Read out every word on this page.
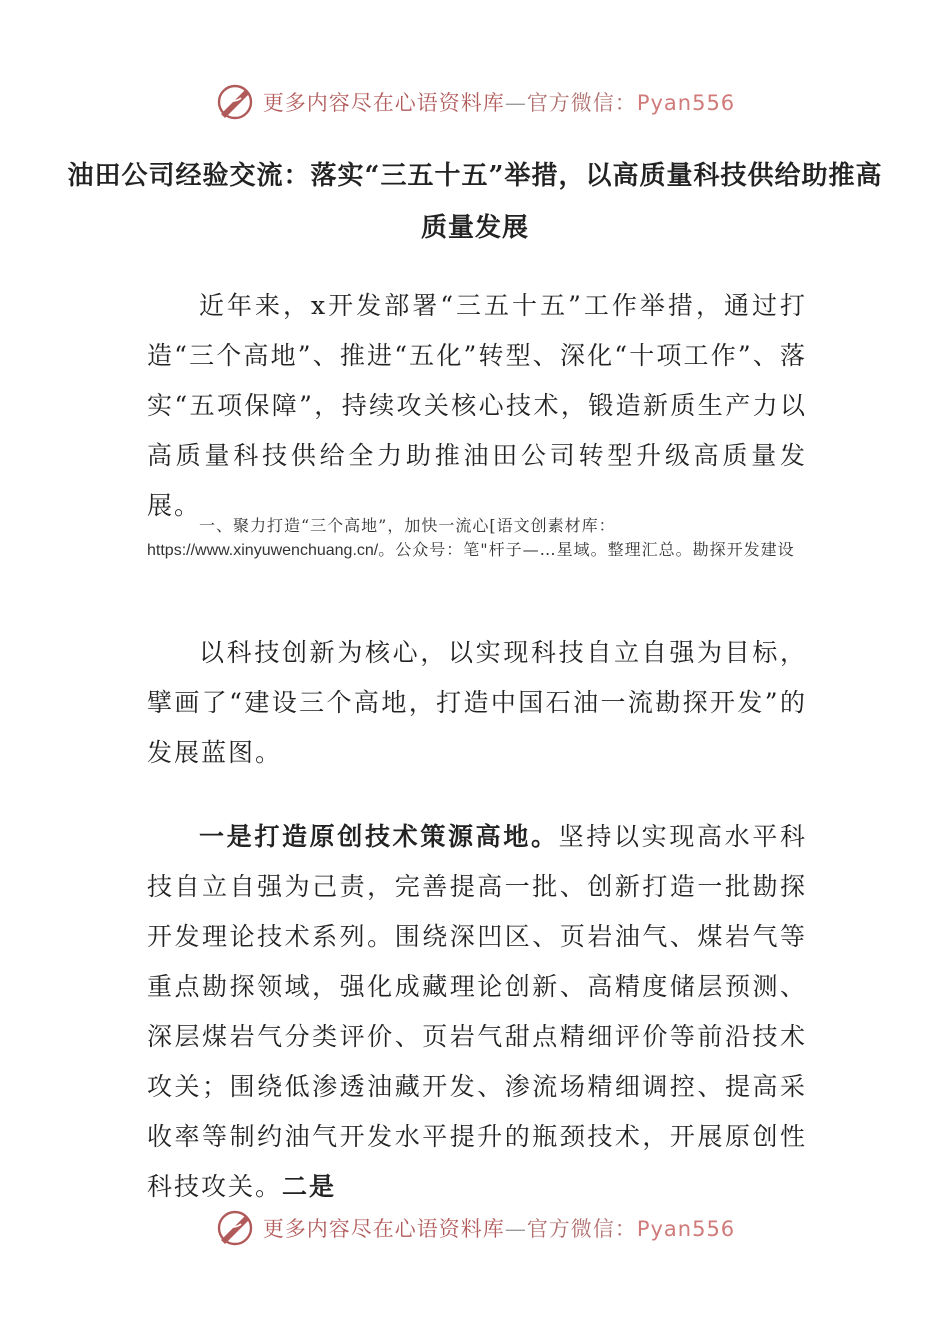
更多内容尽在心语资料库—官方微信：Pyan556
油田公司经验交流：落实“三五十五”举措，以高质量科技供给助推高质量发展
近年来，x开发部署“三五十五”工作举措，通过打造“三个高地”、推进“五化”转型、深化“十项工作”、落实“五项保障”，持续攻关核心技术，锻造新质生产力以高质量科技供给全力助推油田公司转型升级高质量发展。
一、聚力打造“三个高地”，加快一流心[语文创素材库：https://www.xinyuwenchuang.cn/。公众号：笔"杆子—…星域。整理汇总。勘探开发建设
以科技创新为核心，以实现科技自立自强为目标，擘画了“建设三个高地，打造中国石油一流勘探开发”的发展蓝图。
一是打造原创技术策源高地。坚持以实现高水平科技自立自强为己责，完善提高一批、创新打造一批勘探开发理论技术系列。围绕深凹区、页岩油气、煤岩气等重点勘探领域，强化成藏理论创新、高精度储层预测、深层煤岩气分类评价、页岩气甜点精细评价等前沿技术攻关；围绕低渗透油藏开发、渗流场精细调控、提高采收率等制约油气开发水平提升的瓶颈技术，开展原创性科技攻关。二是
更多内容尽在心语资料库—官方微信：Pyan556
